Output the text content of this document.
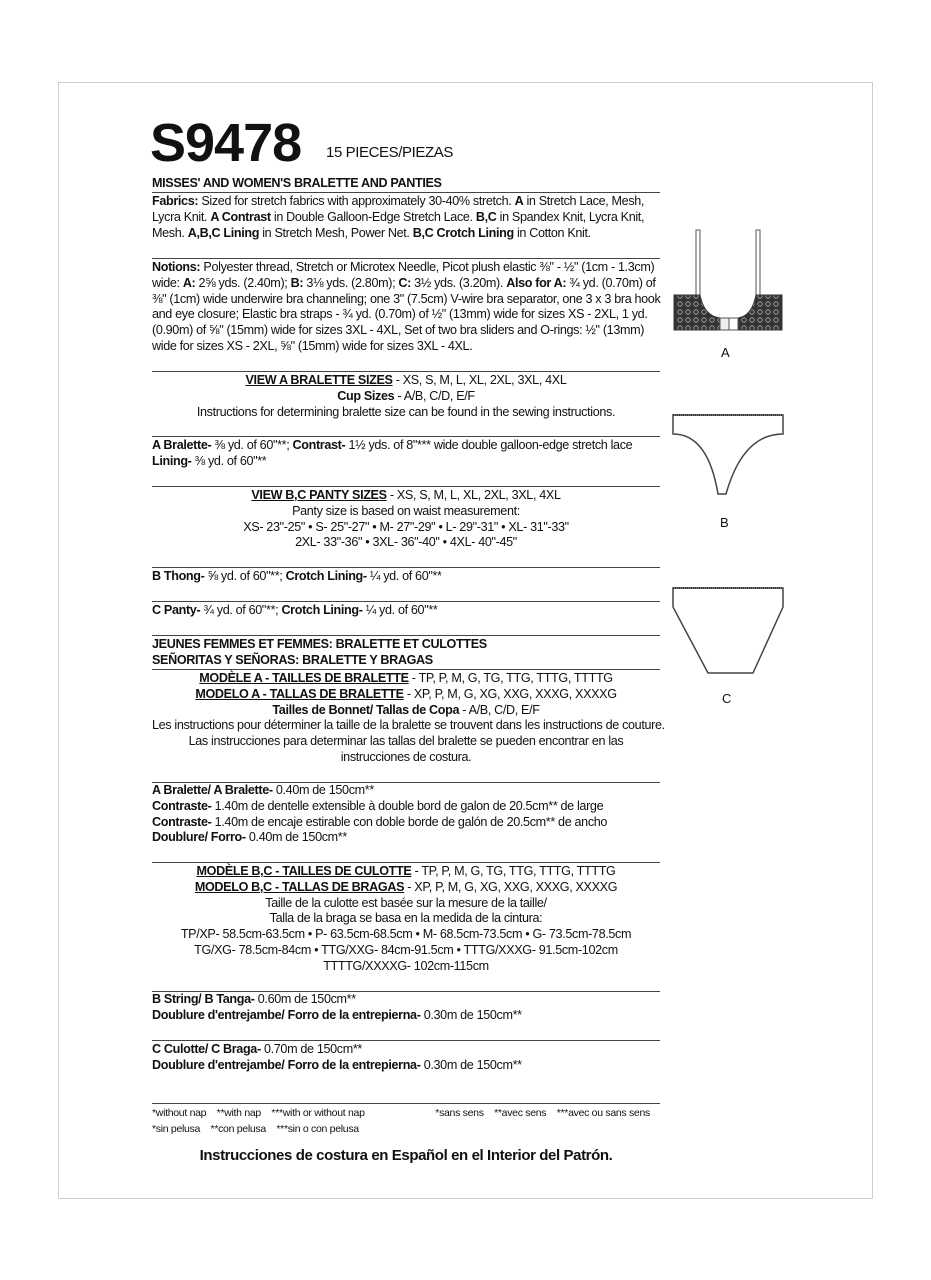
S9478 15 PIECES/PIEZAS
MISSES' AND WOMEN'S BRALETTE AND PANTIES
Fabrics: Sized for stretch fabrics with approximately 30-40% stretch. A in Stretch Lace, Mesh,
Lycra Knit. A Contrast in Double Galloon-Edge Stretch Lace. B,C in Spandex Knit, Lycra Knit,
Mesh. A,B,C Lining in Stretch Mesh, Power Net. B,C Crotch Lining in Cotton Knit.
Notions: Polyester thread, Stretch or Microtex Needle, Picot plush elastic ⅜" - ½" (1cm - 1.3cm)
wide: A: 2⅝ yds. (2.40m); B: 3⅛ yds. (2.80m); C: 3½ yds. (3.20m). Also for A: ¾ yd. (0.70m) of
⅜" (1cm) wide underwire bra channeling; one 3" (7.5cm) V-wire bra separator, one 3 x 3 bra hook
and eye closure; Elastic bra straps - ¾ yd. (0.70m) of ½" (13mm) wide for sizes XS - 2XL, 1 yd.
(0.90m) of ⅝" (15mm) wide for sizes 3XL - 4XL, Set of two bra sliders and O-rings: ½" (13mm)
wide for sizes XS - 2XL, ⅝" (15mm) wide for sizes 3XL - 4XL.
VIEW A BRALETTE SIZES - XS, S, M, L, XL, 2XL, 3XL, 4XL
Cup Sizes - A/B, C/D, E/F
Instructions for determining bralette size can be found in the sewing instructions.
A Bralette- ⅜ yd. of 60"**; Contrast- 1½ yds. of 8"*** wide double galloon-edge stretch lace
Lining- ⅜ yd. of 60"**
VIEW B,C PANTY SIZES - XS, S, M, L, XL, 2XL, 3XL, 4XL
Panty size is based on waist measurement:
XS- 23"-25" • S- 25"-27" • M- 27"-29" • L- 29"-31" • XL- 31"-33"
2XL- 33"-36" • 3XL- 36"-40" • 4XL- 40"-45"
B Thong- ⅝ yd. of 60"**; Crotch Lining- ¼ yd. of 60"**
C Panty- ¾ yd. of 60"**; Crotch Lining- ¼ yd. of 60"**
JEUNES FEMMES ET FEMMES: BRALETTE ET CULOTTES
SEÑORITAS Y SEÑORAS: BRALETTE Y BRAGAS
MODÈLE A - TAILLES DE BRALETTE - TP, P, M, G, TG, TTG, TTTG, TTTTG
MODELO A - TALLAS DE BRALETTE - XP, P, M, G, XG, XXG, XXXG, XXXXG
Tailles de Bonnet/ Tallas de Copa - A/B, C/D, E/F
Les instructions pour déterminer la taille de la bralette se trouvent dans les instructions de couture.
Las instrucciones para determinar las tallas del bralette se pueden encontrar en las
instrucciones de costura.
A Bralette/ A Bralette- 0.40m de 150cm**
Contraste- 1.40m de dentelle extensible à double bord de galon de 20.5cm** de large
Contraste- 1.40m de encaje estirable con doble borde de galón de 20.5cm** de ancho
Doublure/ Forro- 0.40m de 150cm**
MODÈLE B,C - TAILLES DE CULOTTE - TP, P, M, G, TG, TTG, TTTG, TTTTG
MODELO B,C - TALLAS DE BRAGAS - XP, P, M, G, XG, XXG, XXXG, XXXXG
Taille de la culotte est basée sur la mesure de la taille/
Talla de la braga se basa en la medida de la cintura:
TP/XP- 58.5cm-63.5cm • P- 63.5cm-68.5cm • M- 68.5cm-73.5cm • G- 73.5cm-78.5cm
TG/XG- 78.5cm-84cm • TTG/XXG- 84cm-91.5cm • TTTG/XXXG- 91.5cm-102cm
TTTTG/XXXXG- 102cm-115cm
B String/ B Tanga- 0.60m de 150cm**
Doublure d'entrejambe/ Forro de la entrepierna- 0.30m de 150cm**
C Culotte/ C Braga- 0.70m de 150cm**
Doublure d'entrejambe/ Forro de la entrepierna- 0.30m de 150cm**
*without nap    **with nap    ***with or without nap                           *sans sens    **avec sens    ***avec ou sans sens
*sin pelusa    **con pelusa    ***sin o con pelusa
Instrucciones de costura en Español en el Interior del Patrón.
A
B
C
